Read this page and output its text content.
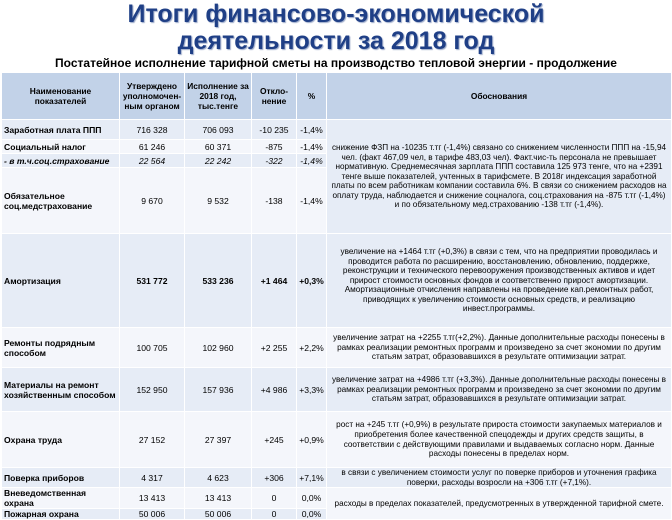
Итоги финансово-экономической
деятельности за 2018 год
Постатейное исполнение тарифной сметы на производство тепловой энергии - продолжение
Наименование показателей	Утверждено уполномочен-ным органом	Исполнение за 2018 год, тыс.тенге	Откло-нение	%	Обоснования
Заработная плата ППП	716 328	706 093	-10 235	-1,4%	снижение ФЗП на -10235 т.тг (-1,4%) связано со снижением численности ППП на -15,94 чел. (факт 467,09 чел, в тарифе 483,03 чел). Факт.чис-ть персонала не превышает нормативную. Среднемесячная зарплата ППП составила 125 973 тенге, что на +2391 тенге выше показателей, учтенных в тарифсмете. В 2018г индексация заработной платы по всем работникам компании составила 6%. В связи со снижением расходов на оплату труда, наблюдается и снижение соцналога, соц.страхования на -875 т.тг (-1,4%) и по обязательному мед.страхованию -138 т.тг (-1,4%).
Социальный налог	61 246	60 371	-875	-1,4%	
- в т.ч.соц.страхование	22 564	22 242	-322	-1,4%	
Обязательное соц.медстрахование	9 670	9 532	-138	-1,4%	
Амортизация	531 772	533 236	+1 464	+0,3%	увеличение на +1464 т.тг (+0,3%) в связи с тем, что на предприятии проводилась и проводится работа по расширению, восстановлению, обновлению, поддержке, реконструкции и технического перевооружения производственных активов и идет прирост стоимости основных фондов и соответственно прирост амортизации. Амортизационные отчисления направлены на проведение кап.ремонтных работ, приводящих к увеличению стоимости основных средств, и реализацию инвест.программы.
Ремонты подрядным способом	100 705	102 960	+2 255	+2,2%	увеличение затрат на +2255 т.тг(+2,2%). Данные дополнительные расходы понесены в рамках реализации ремонтных программ и произведено за счет экономии по другим статьям затрат, образовавшихся в результате оптимизации затрат.
Материалы на ремонт хозяйственным способом	152 950	157 936	+4 986	+3,3%	увеличение затрат на +4986 т.тг (+3,3%). Данные дополнительные расходы понесены в рамках реализации ремонтных программ и произведено за счет экономии по другим статьям затрат, образовавшихся в результате оптимизации затрат.
Охрана труда	27 152	27 397	+245	+0,9%	рост на +245 т.тг (+0,9%) в результате прироста стоимости закупаемых материалов и приобретения более качественной спецодежды и других средств защиты, в соответствии с действующими правилами и выдаваемых согласно норм. Данные расходы понесены в пределах норм.
Поверка приборов	4 317	4 623	+306	+7,1%	в связи с увеличением стоимости услуг по поверке приборов и уточнения графика поверки, расходы возросли на +306 т.тг (+7,1%).
Вневедомственная охрана	13 413	13 413	0	0,0%	расходы в пределах показателей, предусмотренных в утвержденной тарифной смете.
Пожарная охрана	50 006	50 006	0	0,0%	
